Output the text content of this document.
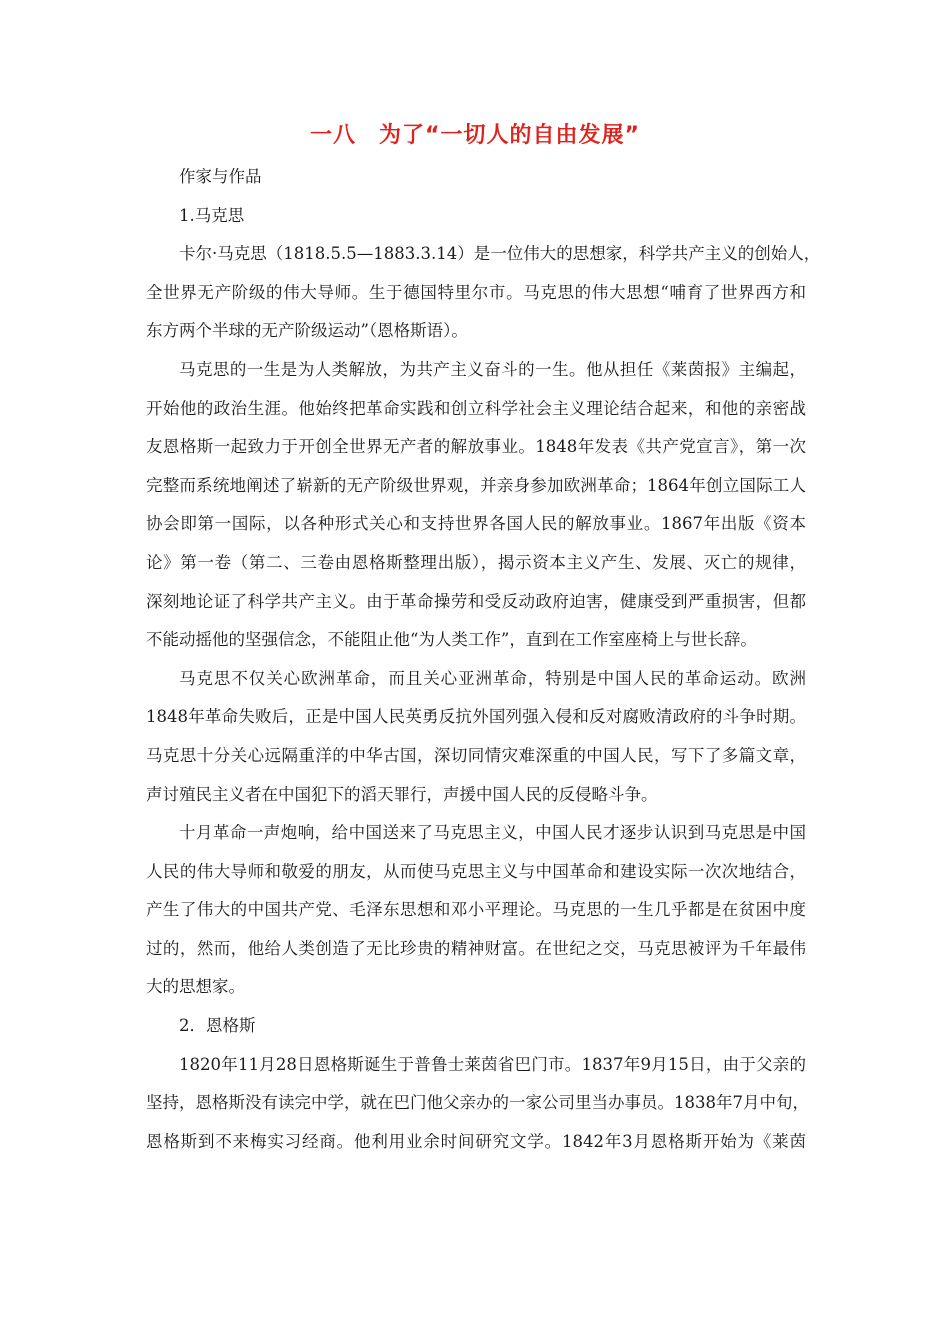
一八　为了“一切人的自由发展”
作家与作品
1.马克思
卡尔·马克思（1818.5.5—1883.3.14）是一位伟大的思想家，科学共产主义的创始人，
全世界无产阶级的伟大导师。生于德国特里尔市。马克思的伟大思想“哺育了世界西方和
东方两个半球的无产阶级运动”（恩格斯语）。
马克思的一生是为人类解放，为共产主义奋斗的一生。他从担任《莱茵报》主编起，
开始他的政治生涯。他始终把革命实践和创立科学社会主义理论结合起来，和他的亲密战
友恩格斯一起致力于开创全世界无产者的解放事业。1848年发表《共产党宣言》，第一次
完整而系统地阐述了崭新的无产阶级世界观，并亲身参加欧洲革命；1864年创立国际工人
协会即第一国际，以各种形式关心和支持世界各国人民的解放事业。1867年出版《资本
论》第一卷（第二、三卷由恩格斯整理出版），揭示资本主义产生、发展、灭亡的规律，
深刻地论证了科学共产主义。由于革命操劳和受反动政府迫害，健康受到严重损害，但都
不能动摇他的坚强信念，不能阻止他“为人类工作”，直到在工作室座椅上与世长辞。
马克思不仅关心欧洲革命，而且关心亚洲革命，特别是中国人民的革命运动。欧洲
1848年革命失败后，正是中国人民英勇反抗外国列强入侵和反对腐败清政府的斗争时期。
马克思十分关心远隔重洋的中华古国，深切同情灾难深重的中国人民，写下了多篇文章，
声讨殖民主义者在中国犯下的滔天罪行，声援中国人民的反侵略斗争。
十月革命一声炮响，给中国送来了马克思主义，中国人民才逐步认识到马克思是中国
人民的伟大导师和敬爱的朋友，从而使马克思主义与中国革命和建设实际一次次地结合，
产生了伟大的中国共产党、毛泽东思想和邓小平理论。马克思的一生几乎都是在贫困中度
过的，然而，他给人类创造了无比珍贵的精神财富。在世纪之交，马克思被评为千年最伟
大的思想家。
2．恩格斯
1820年11月28日恩格斯诞生于普鲁士莱茵省巴门市。1837年9月15日，由于父亲的
坚持，恩格斯没有读完中学，就在巴门他父亲办的一家公司里当办事员。1838年7月中旬，
恩格斯到不来梅实习经商。他利用业余时间研究文学。1842年3月恩格斯开始为《莱茵
